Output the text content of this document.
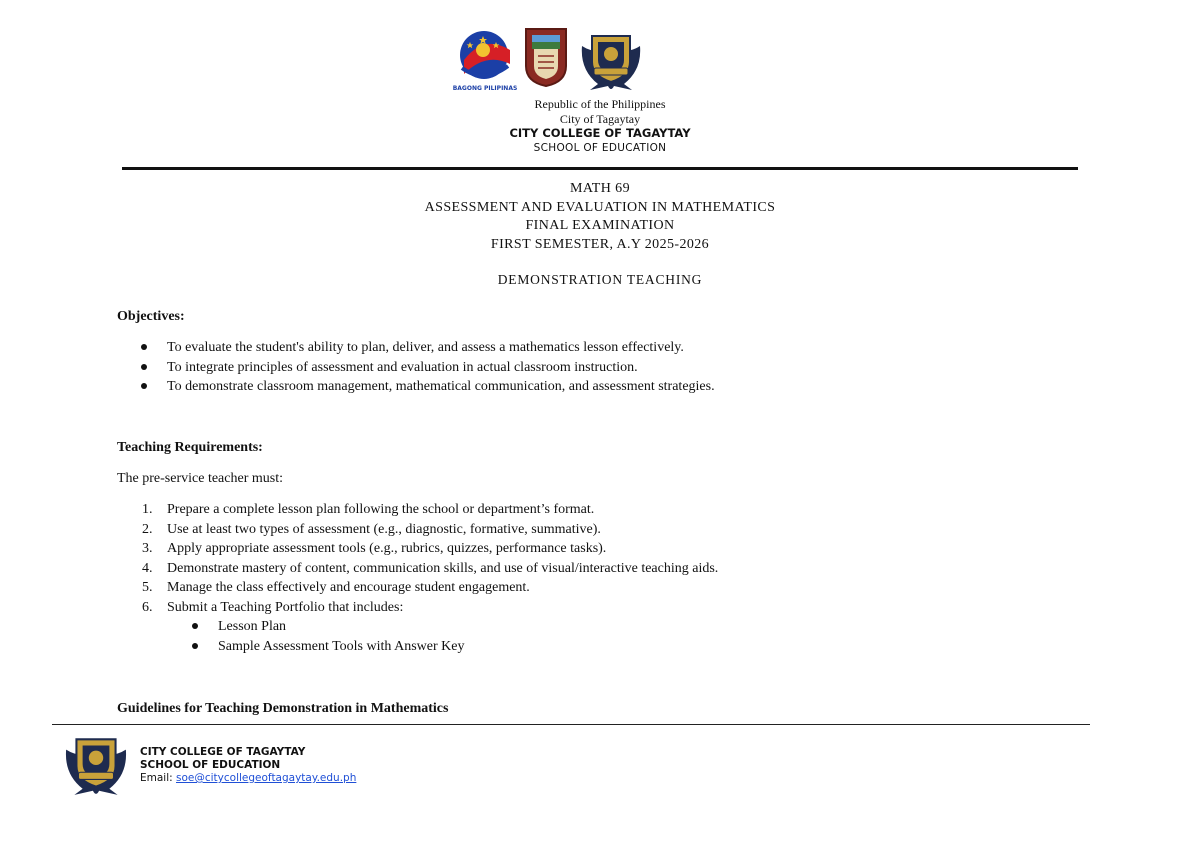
BAGONG PILIPINAS
Republic of the Philippines
City of Tagaytay
CITY COLLEGE OF TAGAYTAY
SCHOOL OF EDUCATION
MATH 69
ASSESSMENT AND EVALUATION IN MATHEMATICS
FINAL EXAMINATION
FIRST SEMESTER, A.Y 2025-2026
DEMONSTRATION TEACHING
Objectives:
To evaluate the student's ability to plan, deliver, and assess a mathematics lesson effectively.
To integrate principles of assessment and evaluation in actual classroom instruction.
To demonstrate classroom management, mathematical communication, and assessment strategies.
Teaching Requirements:
The pre-service teacher must:
1. Prepare a complete lesson plan following the school or department’s format.
2. Use at least two types of assessment (e.g., diagnostic, formative, summative).
3. Apply appropriate assessment tools (e.g., rubrics, quizzes, performance tasks).
4. Demonstrate mastery of content, communication skills, and use of visual/interactive teaching aids.
5. Manage the class effectively and encourage student engagement.
6. Submit a Teaching Portfolio that includes:
Lesson Plan
Sample Assessment Tools with Answer Key
Guidelines for Teaching Demonstration in Mathematics
CITY COLLEGE OF TAGAYTAY
SCHOOL OF EDUCATION
Email: soe@citycollegeoftagaytay.edu.ph
